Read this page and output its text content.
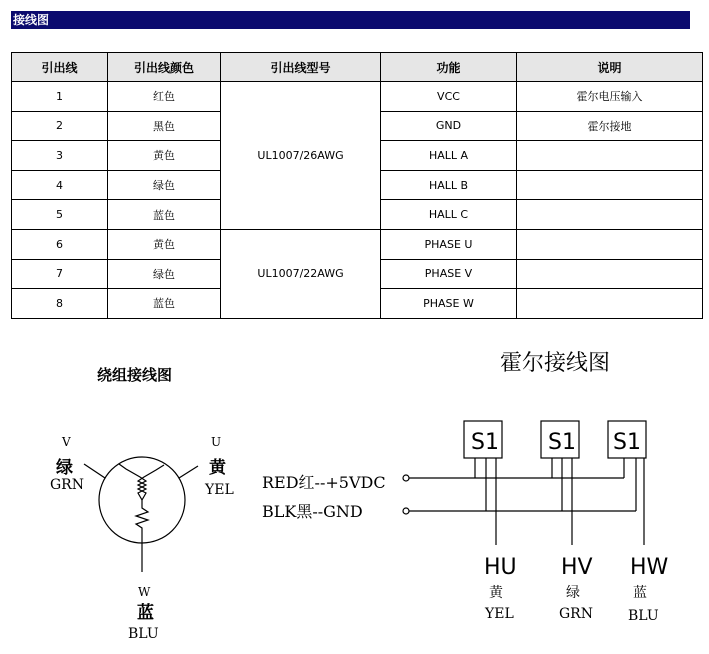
接线图
引出线	引出线颜色	引出线型号	功能	说明
1	红色	UL1007/26AWG	VCC	霍尔电压输入
2	黑色		GND	霍尔接地
3	黄色		HALL A	
4	绿色		HALL B	
5	蓝色		HALL C	
6	黄色	UL1007/22AWG	PHASE U	
7	绿色		PHASE V	
8	蓝色		PHASE W	
绕组接线图	霍尔接线图
V
绿
GRN
U
黄
YEL
W
蓝
BLU
S1 S1 S1
RED红--+5VDC
BLK黑--GND
HU
黄
YEL
HV
绿
GRN
HW
蓝
BLU
